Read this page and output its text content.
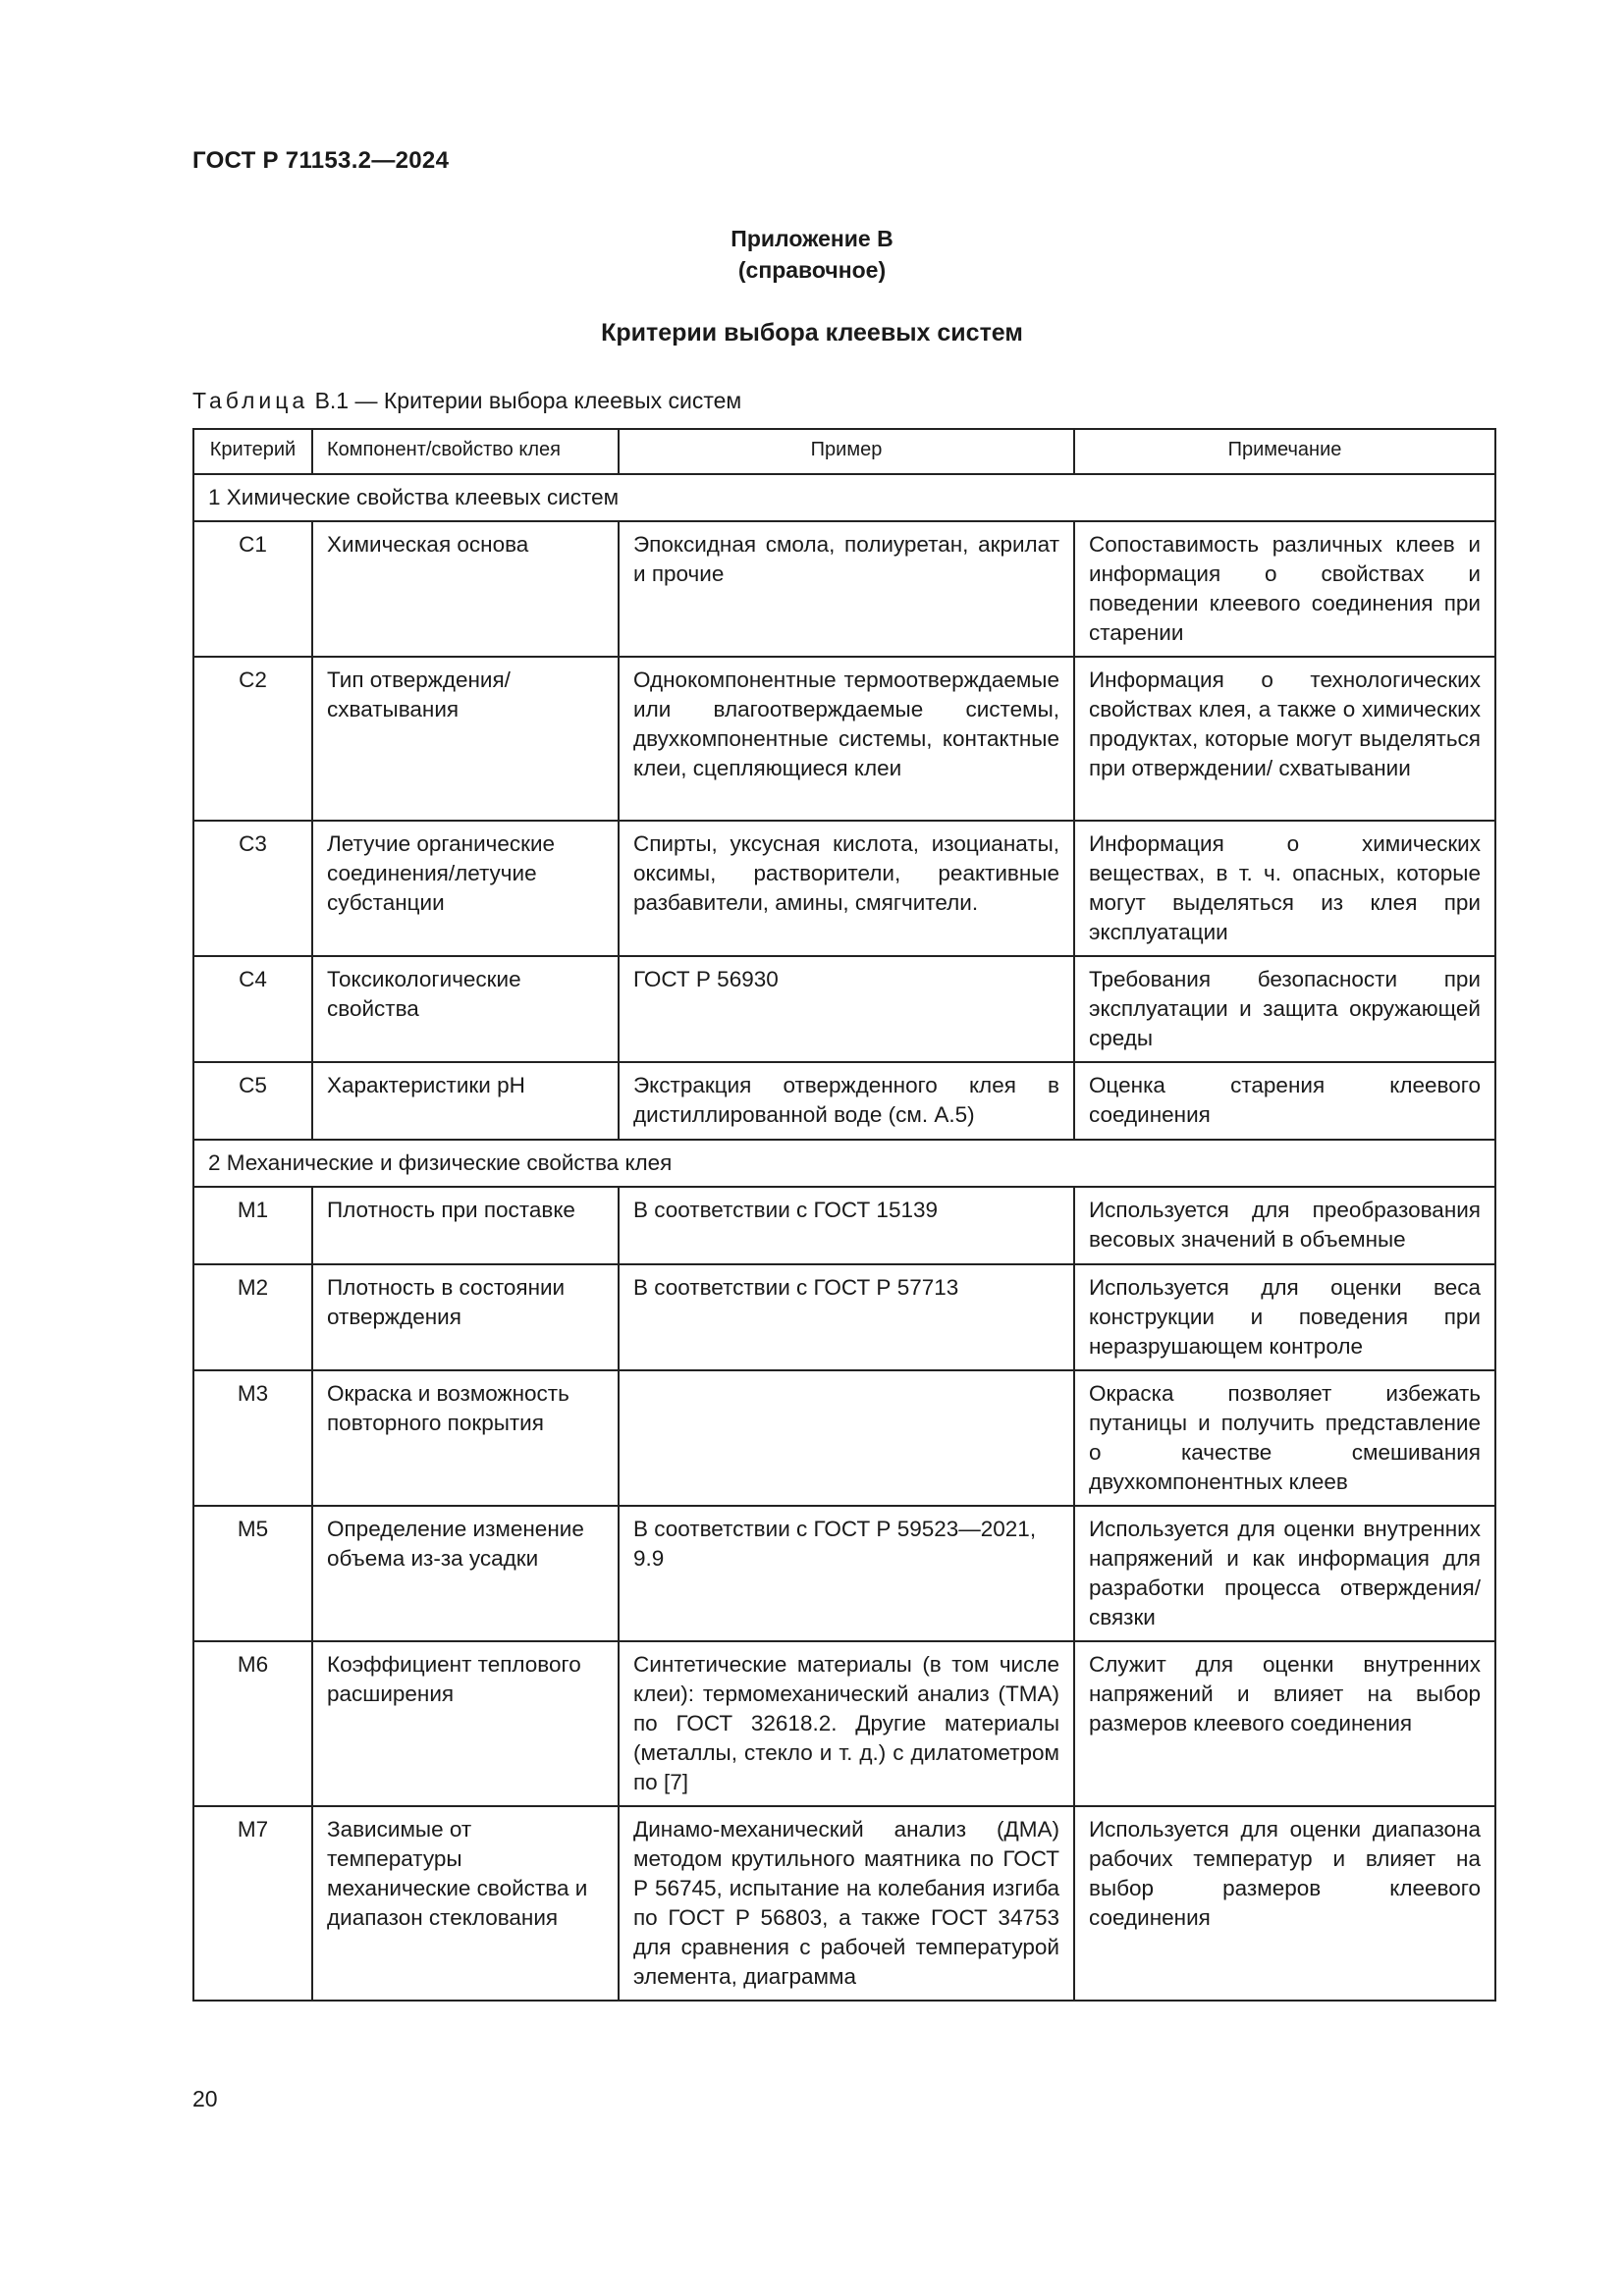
ГОСТ Р 71153.2—2024
Приложение В
(справочное)
Критерии выбора клеевых систем
Таблица В.1 — Критерии выбора клеевых систем
Критерий	Компонент/свойство клея	Пример	Примечание
1 Химические свойства клеевых систем			
С1	Химическая основа	Эпоксидная смола, полиуретан, акрилат и прочие	Сопоставимость различных клеев и информация о свойствах и поведении клеевого соединения при старении
С2	Тип отверждения/ схватывания	Однокомпонентные термоотверждаемые или влагоотверждаемые системы, двухкомпонентные системы, контактные клеи, сцепляющиеся клеи	Информация о технологических свойствах клея, а также о химических продуктах, которые могут выделяться при отверждении/ схватывании
С3	Летучие органические соединения/летучие субстанции	Спирты, уксусная кислота, изоцианаты, оксимы, растворители, реактивные разбавители, амины, смягчители.	Информация о химических веществах, в т. ч. опасных, которые могут выделяться из клея при эксплуатации
С4	Токсикологические свойства	ГОСТ Р 56930	Требования безопасности при эксплуатации и защита окружающей среды
С5	Характеристики pH	Экстракция отвержденного клея в дистиллированной воде (см. А.5)	Оценка старения клеевого соединения
2 Механические и физические свойства клея			
М1	Плотность при поставке	В соответствии с ГОСТ 15139	Используется для преобразования весовых значений в объемные
М2	Плотность в состоянии отверждения	В соответствии с ГОСТ Р 57713	Используется для оценки веса конструкции и поведения при неразрушающем контроле
М3	Окраска и возможность повторного покрытия		Окраска позволяет избежать путаницы и получить представление о качестве смешивания двухкомпонентных клеев
М5	Определение изменение объема из-за усадки	В соответствии с ГОСТ Р 59523—2021, 9.9	Используется для оценки внутренних напряжений и как информация для разработки процесса отверждения/связки
М6	Коэффициент теплового расширения	Синтетические материалы (в том числе клеи): термомеханический анализ (ТМА) по ГОСТ 32618.2. Другие материалы (металлы, стекло и т. д.) с дилатометром по [7]	Служит для оценки внутренних напряжений и влияет на выбор размеров клеевого соединения
М7	Зависимые от температуры механические свойства и диапазон стеклования	Динамо-механический анализ (ДМА) методом крутильного маятника по ГОСТ Р 56745, испытание на колебания изгиба по ГОСТ Р 56803, а также ГОСТ 34753 для сравнения с рабочей температурой элемента, диаграмма	Используется для оценки диапазона рабочих температур и влияет на выбор размеров клеевого соединения
20
